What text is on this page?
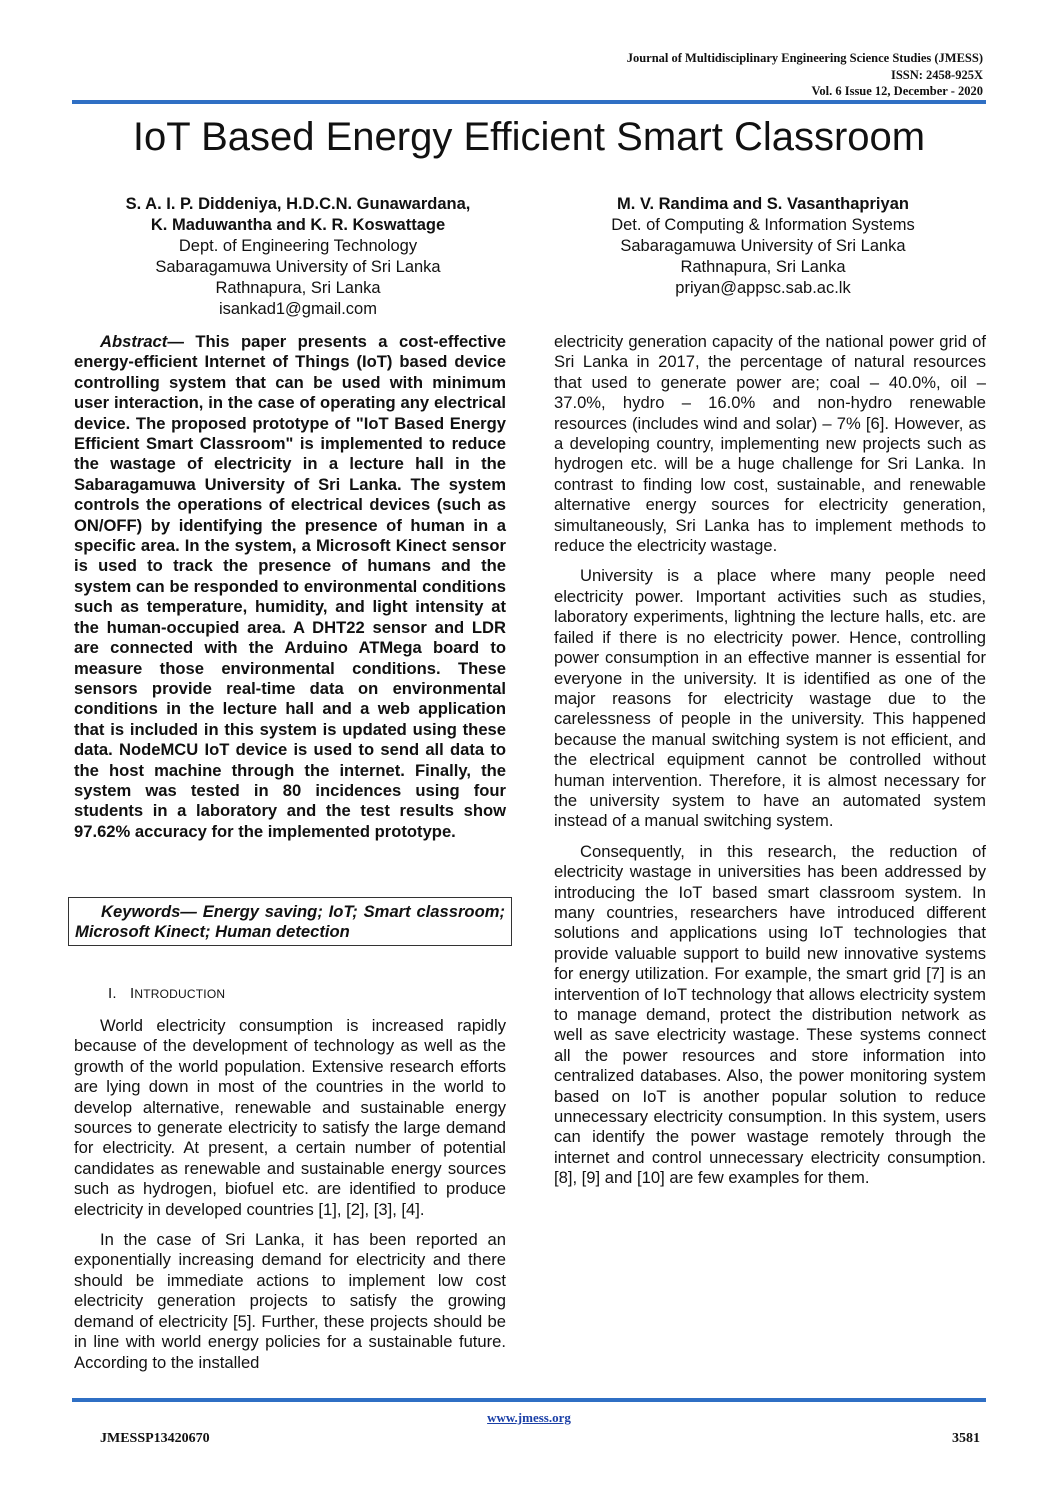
Journal of Multidisciplinary Engineering Science Studies (JMESS)
ISSN: 2458-925X
Vol. 6 Issue 12, December - 2020
IoT Based Energy Efficient Smart Classroom
S. A. I. P. Diddeniya, H.D.C.N. Gunawardana,
K. Maduwantha and K. R. Koswattage
Dept. of Engineering Technology
Sabaragamuwa University of Sri Lanka
Rathnapura, Sri Lanka
isankad1@gmail.com
M. V. Randima and S. Vasanthapriyan
Det. of Computing & Information Systems
Sabaragamuwa University of Sri Lanka
Rathnapura, Sri Lanka
priyan@appsc.sab.ac.lk

Abstract— This paper presents a cost-effective energy-efficient Internet of Things (IoT) based device controlling system that can be used with minimum user interaction, in the case of operating any electrical device. The proposed prototype of "IoT Based Energy Efficient Smart Classroom" is implemented to reduce the wastage of electricity in a lecture hall in the Sabaragamuwa University of Sri Lanka. The system controls the operations of electrical devices (such as ON/OFF) by identifying the presence of human in a specific area. In the system, a Microsoft Kinect sensor is used to track the presence of humans and the system can be responded to environmental conditions such as temperature, humidity, and light intensity at the human-occupied area. A DHT22 sensor and LDR are connected with the Arduino ATMega board to measure those environmental conditions. These sensors provide real-time data on environmental conditions in the lecture hall and a web application that is included in this system is updated using these data. NodeMCU IoT device is used to send all data to the host machine through the internet. Finally, the system was tested in 80 incidences using four students in a laboratory and the test results show 97.62% accuracy for the implemented prototype.

Keywords— Energy saving; IoT; Smart classroom; Microsoft Kinect; Human detection
I. INTRODUCTION

World electricity consumption is increased rapidly because of the development of technology as well as the growth of the world population. Extensive research efforts are lying down in most of the countries in the world to develop alternative, renewable and sustainable energy sources to generate electricity to satisfy the large demand for electricity. At present, a certain number of potential candidates as renewable and sustainable energy sources such as hydrogen, biofuel etc. are identified to produce electricity in developed countries [1], [2], [3], [4].

In the case of Sri Lanka, it has been reported an exponentially increasing demand for electricity and there should be immediate actions to implement low cost electricity generation projects to satisfy the growing demand of electricity [5]. Further, these projects should be in line with world energy policies for a sustainable future. According to the installed

electricity generation capacity of the national power grid of Sri Lanka in 2017, the percentage of natural resources that used to generate power are; coal – 40.0%, oil – 37.0%, hydro – 16.0% and non-hydro renewable resources (includes wind and solar) – 7% [6]. However, as a developing country, implementing new projects such as hydrogen etc. will be a huge challenge for Sri Lanka. In contrast to finding low cost, sustainable, and renewable alternative energy sources for electricity generation, simultaneously, Sri Lanka has to implement methods to reduce the electricity wastage.

University is a place where many people need electricity power. Important activities such as studies, laboratory experiments, lightning the lecture halls, etc. are failed if there is no electricity power. Hence, controlling power consumption in an effective manner is essential for everyone in the university. It is identified as one of the major reasons for electricity wastage due to the carelessness of people in the university. This happened because the manual switching system is not efficient, and the electrical equipment cannot be controlled without human intervention. Therefore, it is almost necessary for the university system to have an automated system instead of a manual switching system.

Consequently, in this research, the reduction of electricity wastage in universities has been addressed by introducing the IoT based smart classroom system. In many countries, researchers have introduced different solutions and applications using IoT technologies that provide valuable support to build new innovative systems for energy utilization. For example, the smart grid [7] is an intervention of IoT technology that allows electricity system to manage demand, protect the distribution network as well as save electricity wastage. These systems connect all the power resources and store information into centralized databases. Also, the power monitoring system based on IoT is another popular solution to reduce unnecessary electricity consumption. In this system, users can identify the power wastage remotely through the internet and control unnecessary electricity consumption. [8], [9] and [10] are few examples for them.

www.jmess.org
JMESSP13420670	3581
